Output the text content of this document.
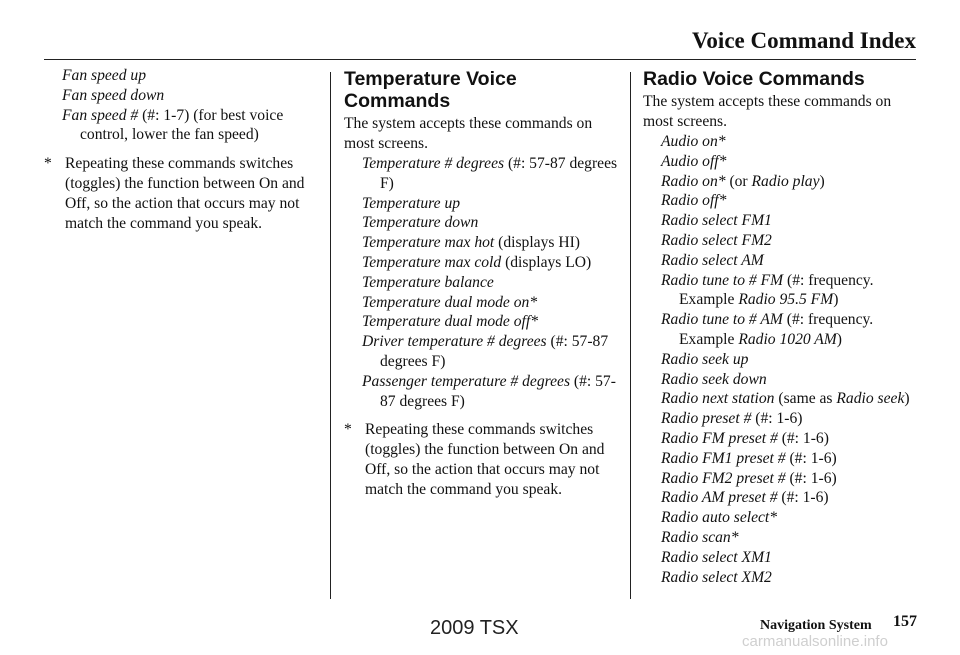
Voice Command Index
Fan speed up
Fan speed down
Fan speed # (#: 1-7) (for best voice control, lower the fan speed)
* Repeating these commands switches (toggles) the function between On and Off, so the action that occurs may not match the command you speak.
Temperature Voice Commands
The system accepts these commands on most screens.
Temperature # degrees (#: 57-87 degrees F)
Temperature up
Temperature down
Temperature max hot (displays HI)
Temperature max cold (displays LO)
Temperature balance
Temperature dual mode on*
Temperature dual mode off*
Driver temperature # degrees (#: 57-87 degrees F)
Passenger temperature # degrees (#: 57-87 degrees F)
* Repeating these commands switches (toggles) the function between On and Off, so the action that occurs may not match the command you speak.
Radio Voice Commands
The system accepts these commands on most screens.
Audio on*
Audio off*
Radio on* (or Radio play)
Radio off*
Radio select FM1
Radio select FM2
Radio select AM
Radio tune to # FM (#: frequency. Example Radio 95.5 FM)
Radio tune to # AM (#: frequency. Example Radio 1020 AM)
Radio seek up
Radio seek down
Radio next station (same as Radio seek)
Radio preset # (#: 1-6)
Radio FM preset # (#: 1-6)
Radio FM1 preset # (#: 1-6)
Radio FM2 preset # (#: 1-6)
Radio AM preset # (#: 1-6)
Radio auto select*
Radio scan*
Radio select XM1
Radio select XM2
2009 TSX	Navigation System 157
carmanualsonline.info
